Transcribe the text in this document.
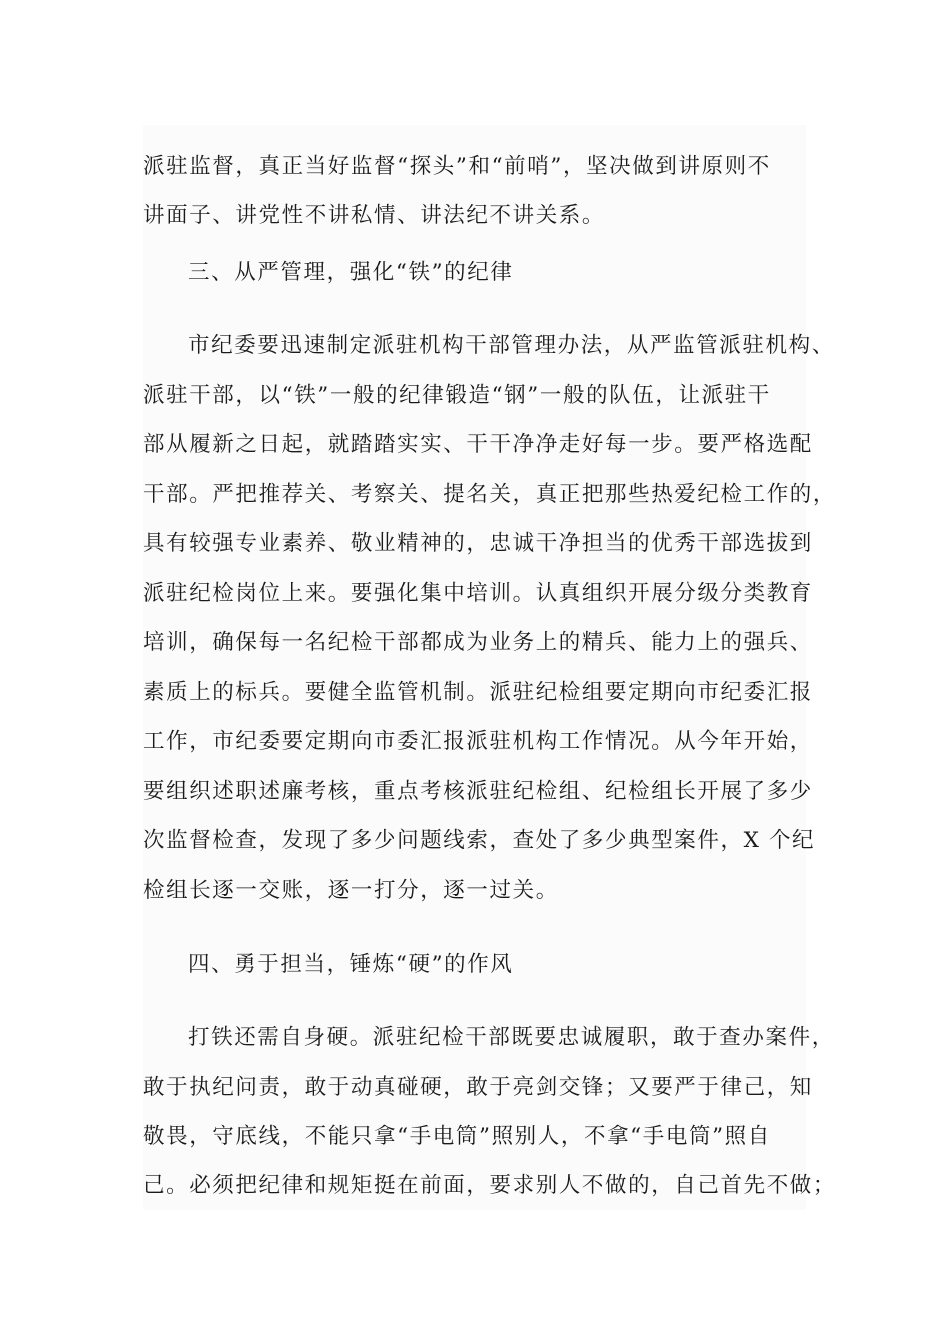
派驻监督，真正当好监督“探头”和“前哨”，坚决做到讲原则不
讲面子、讲党性不讲私情、讲法纪不讲关系。
三、从严管理，强化“铁”的纪律
市纪委要迅速制定派驻机构干部管理办法，从严监管派驻机构、
派驻干部，以“铁”一般的纪律锻造“钢”一般的队伍，让派驻干
部从履新之日起，就踏踏实实、干干净净走好每一步。要严格选配
干部。严把推荐关、考察关、提名关，真正把那些热爱纪检工作的，
具有较强专业素养、敬业精神的，忠诚干净担当的优秀干部选拔到
派驻纪检岗位上来。要强化集中培训。认真组织开展分级分类教育
培训，确保每一名纪检干部都成为业务上的精兵、能力上的强兵、
素质上的标兵。要健全监管机制。派驻纪检组要定期向市纪委汇报
工作，市纪委要定期向市委汇报派驻机构工作情况。从今年开始，
要组织述职述廉考核，重点考核派驻纪检组、纪检组长开展了多少
次监督检查，发现了多少问题线索，查处了多少典型案件，X 个纪
检组长逐一交账，逐一打分，逐一过关。
四、勇于担当，锤炼“硬”的作风
打铁还需自身硬。派驻纪检干部既要忠诚履职，敢于查办案件，
敢于执纪问责，敢于动真碰硬，敢于亮剑交锋；又要严于律己，知
敬畏，守底线，不能只拿“手电筒”照别人，不拿“手电筒”照自
己。必须把纪律和规矩挺在前面，要求别人不做的，自己首先不做；
